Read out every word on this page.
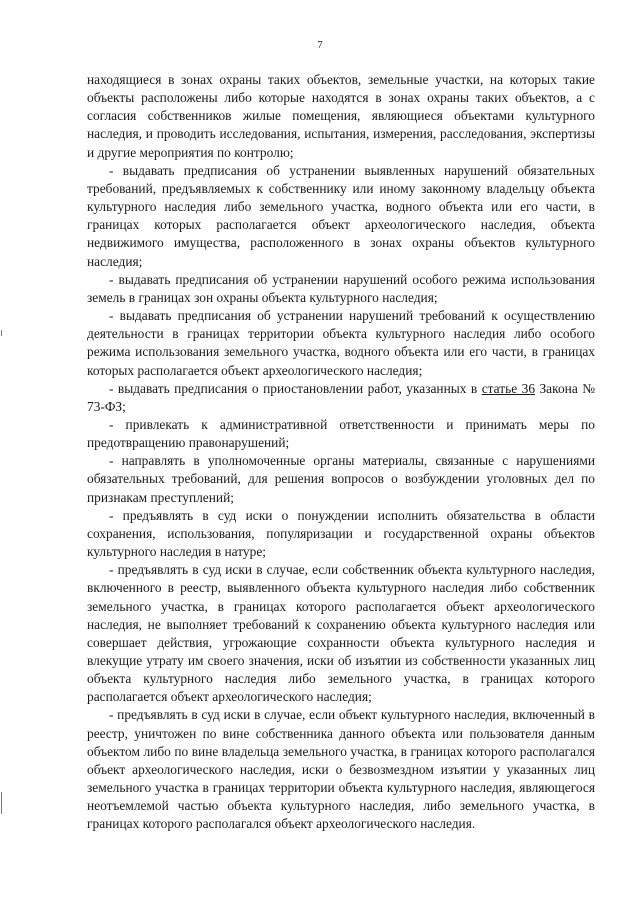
7

находящиеся в зонах охраны таких объектов, земельные участки, на которых такие объекты расположены либо которые находятся в зонах охраны таких объектов, а с согласия собственников жилые помещения, являющиеся объектами культурного наследия, и проводить исследования, испытания, измерения, расследования, экспертизы и другие мероприятия по контролю;

- выдавать предписания об устранении выявленных нарушений обязательных требований, предъявляемых к собственнику или иному законному владельцу объекта культурного наследия либо земельного участка, водного объекта или его части, в границах которых располагается объект археологического наследия, объекта недвижимого имущества, расположенного в зонах охраны объектов культурного наследия;

- выдавать предписания об устранении нарушений особого режима использования земель в границах зон охраны объекта культурного наследия;

- выдавать предписания об устранении нарушений требований к осуществлению деятельности в границах территории объекта культурного наследия либо особого режима использования земельного участка, водного объекта или его части, в границах которых располагается объект археологического наследия;

- выдавать предписания о приостановлении работ, указанных в статье 36 Закона № 73-ФЗ;

- привлекать к административной ответственности и принимать меры по предотвращению правонарушений;

- направлять в уполномоченные органы материалы, связанные с нарушениями обязательных требований, для решения вопросов о возбуждении уголовных дел по признакам преступлений;

- предъявлять в суд иски о понуждении исполнить обязательства в области сохранения, использования, популяризации и государственной охраны объектов культурного наследия в натуре;

- предъявлять в суд иски в случае, если собственник объекта культурного наследия, включенного в реестр, выявленного объекта культурного наследия либо собственник земельного участка, в границах которого располагается объект археологического наследия, не выполняет требований к сохранению объекта культурного наследия или совершает действия, угрожающие сохранности объекта культурного наследия и влекущие утрату им своего значения, иски об изъятии из собственности указанных лиц объекта культурного наследия либо земельного участка, в границах которого располагается объект археологического наследия;

- предъявлять в суд иски в случае, если объект культурного наследия, включенный в реестр, уничтожен по вине собственника данного объекта или пользователя данным объектом либо по вине владельца земельного участка, в границах которого располагался объект археологического наследия, иски о безвозмездном изъятии у указанных лиц земельного участка в границах территории объекта культурного наследия, являющегося неотъемлемой частью объекта культурного наследия, либо земельного участка, в границах которого располагался объект археологического наследия.
